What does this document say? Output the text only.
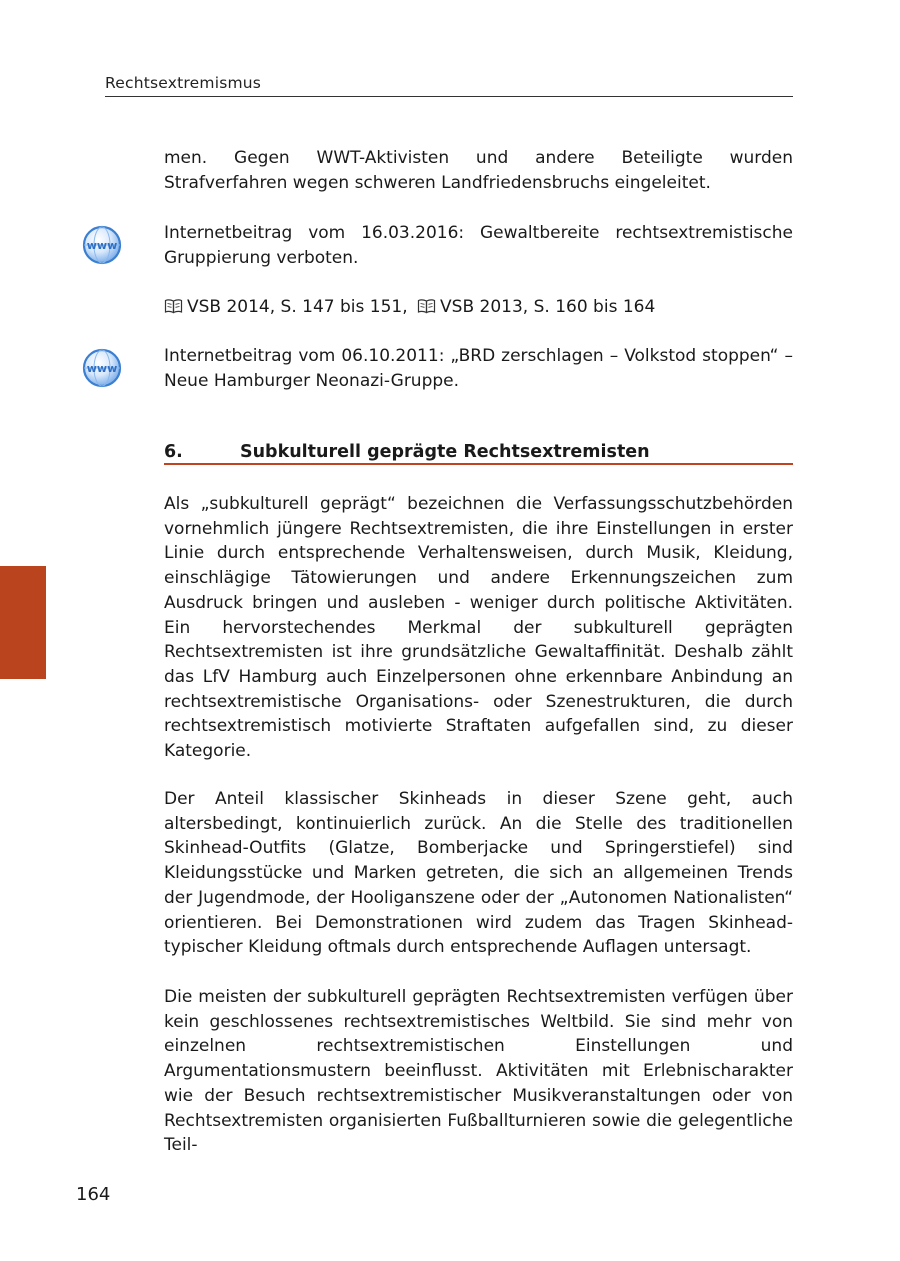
Rechtsextremismus

men. Gegen WWT-Aktivisten und andere Beteiligte wurden Strafverfahren wegen schweren Landfriedensbruchs eingeleitet.

www

Internetbeitrag vom 16.03.2016: Gewaltbereite rechtsextremistische Gruppierung verboten.

VSB 2014, S. 147 bis 151, VSB 2013, S. 160 bis 164
www

Internetbeitrag vom 06.10.2011: „BRD zerschlagen – Volkstod stoppen“ – Neue Hamburger Neonazi-Gruppe.

6.	Subkulturell geprägte Rechtsextremisten

Als „subkulturell geprägt“ bezeichnen die Verfassungsschutzbehörden vornehmlich jüngere Rechtsextremisten, die ihre Einstellungen in erster Linie durch entsprechende Verhaltensweisen, durch Musik, Kleidung, einschlägige Tätowierungen und andere Erkennungszeichen zum Ausdruck bringen und ausleben - weniger durch politische Aktivitäten. Ein hervorstechendes Merkmal der subkulturell geprägten Rechtsextremisten ist ihre grundsätzliche Gewaltaffinität. Deshalb zählt das LfV Hamburg auch Einzelpersonen ohne erkennbare Anbindung an rechtsextremistische Organisations- oder Szenestrukturen, die durch rechtsextremistisch motivierte Straftaten aufgefallen sind, zu dieser Kategorie.

Der Anteil klassischer Skinheads in dieser Szene geht, auch altersbedingt, kontinuierlich zurück. An die Stelle des traditionellen Skinhead-Outfits (Glatze, Bomberjacke und Springerstiefel) sind Kleidungsstücke und Marken getreten, die sich an allgemeinen Trends der Jugendmode, der Hooliganszene oder der „Autonomen Nationalisten“ orientieren. Bei Demonstrationen wird zudem das Tragen Skinhead-typischer Kleidung oftmals durch entsprechende Auflagen untersagt.

Die meisten der subkulturell geprägten Rechtsextremisten verfügen über kein geschlossenes rechtsextremistisches Weltbild. Sie sind mehr von einzelnen rechtsextremistischen Einstellungen und Argumentationsmustern beeinflusst. Aktivitäten mit Erlebnischarakter wie der Besuch rechtsextremistischer Musikveranstaltungen oder von Rechtsextremisten organisierten Fußballturnieren sowie die gelegentliche Teil-

164
